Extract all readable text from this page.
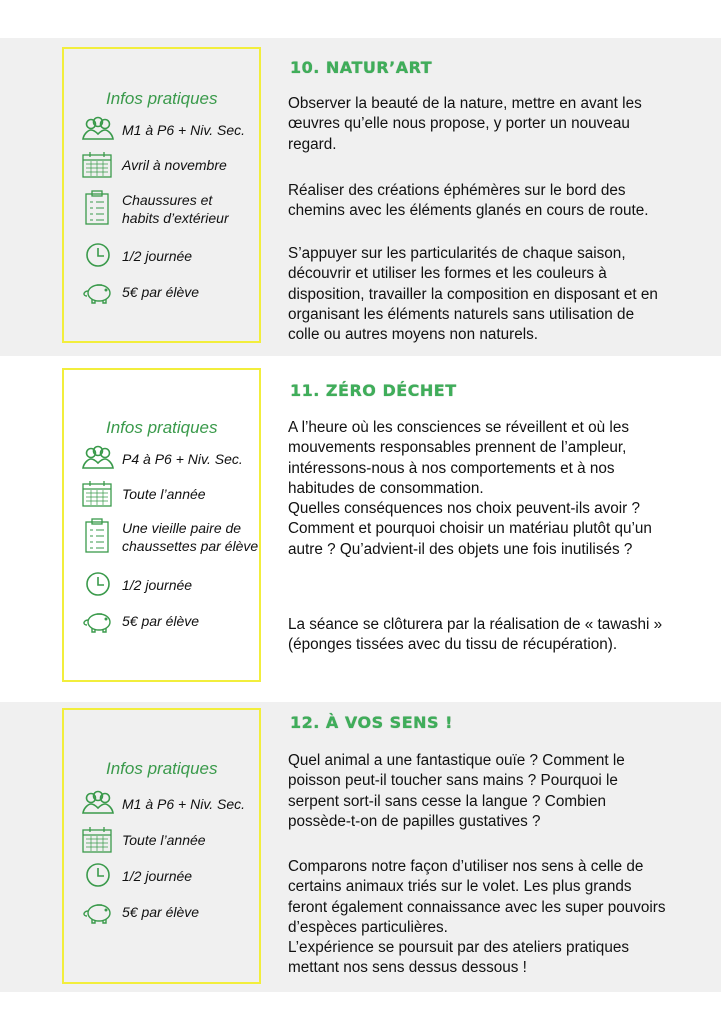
Infos pratiques
M1 à P6 + Niv. Sec.
Avril à novembre
Chaussures et
habits d’extérieur
1/2 journée
5€ par élève
10. NATUR’ART

Observer la beauté de la nature, mettre en avant les œuvres qu’elle nous propose, y porter un nouveau regard.

Réaliser des créations éphémères sur le bord des chemins avec les éléments glanés en cours de route.

S’appuyer sur les particularités de chaque saison, découvrir et utiliser les formes et les couleurs à disposition, travailler la composition en disposant et en organisant les éléments naturels sans utilisation de colle ou autres moyens non naturels.

Infos pratiques
P4 à P6 + Niv. Sec.
Toute l’année
Une vieille paire de
chaussettes par élève
1/2 journée
5€ par élève
11. ZÉRO DÉCHET

A l’heure où les consciences se réveillent et où les mouvements responsables prennent de l’ampleur, intéressons-nous à nos comportements et à nos habitudes de consommation.
Quelles conséquences nos choix peuvent-ils avoir ? Comment et pourquoi choisir un matériau plutôt qu’un autre ? Qu’advient-il des objets une fois inutilisés ?

La séance se clôturera par la réalisation de « tawashi » (éponges tissées avec du tissu de récupération).

Infos pratiques
M1 à P6 + Niv. Sec.
Toute l’année
1/2 journée
5€ par élève
12. À VOS SENS !

Quel animal a une fantastique ouïe ? Comment le poisson peut-il toucher sans mains ? Pourquoi le serpent sort-il sans cesse la langue ? Combien possède-t-on de papilles gustatives ?

Comparons notre façon d’utiliser nos sens à celle de certains animaux triés sur le volet. Les plus grands feront également connaissance avec les super pouvoirs d’espèces particulières.
L’expérience se poursuit par des ateliers pratiques mettant nos sens dessus dessous !
